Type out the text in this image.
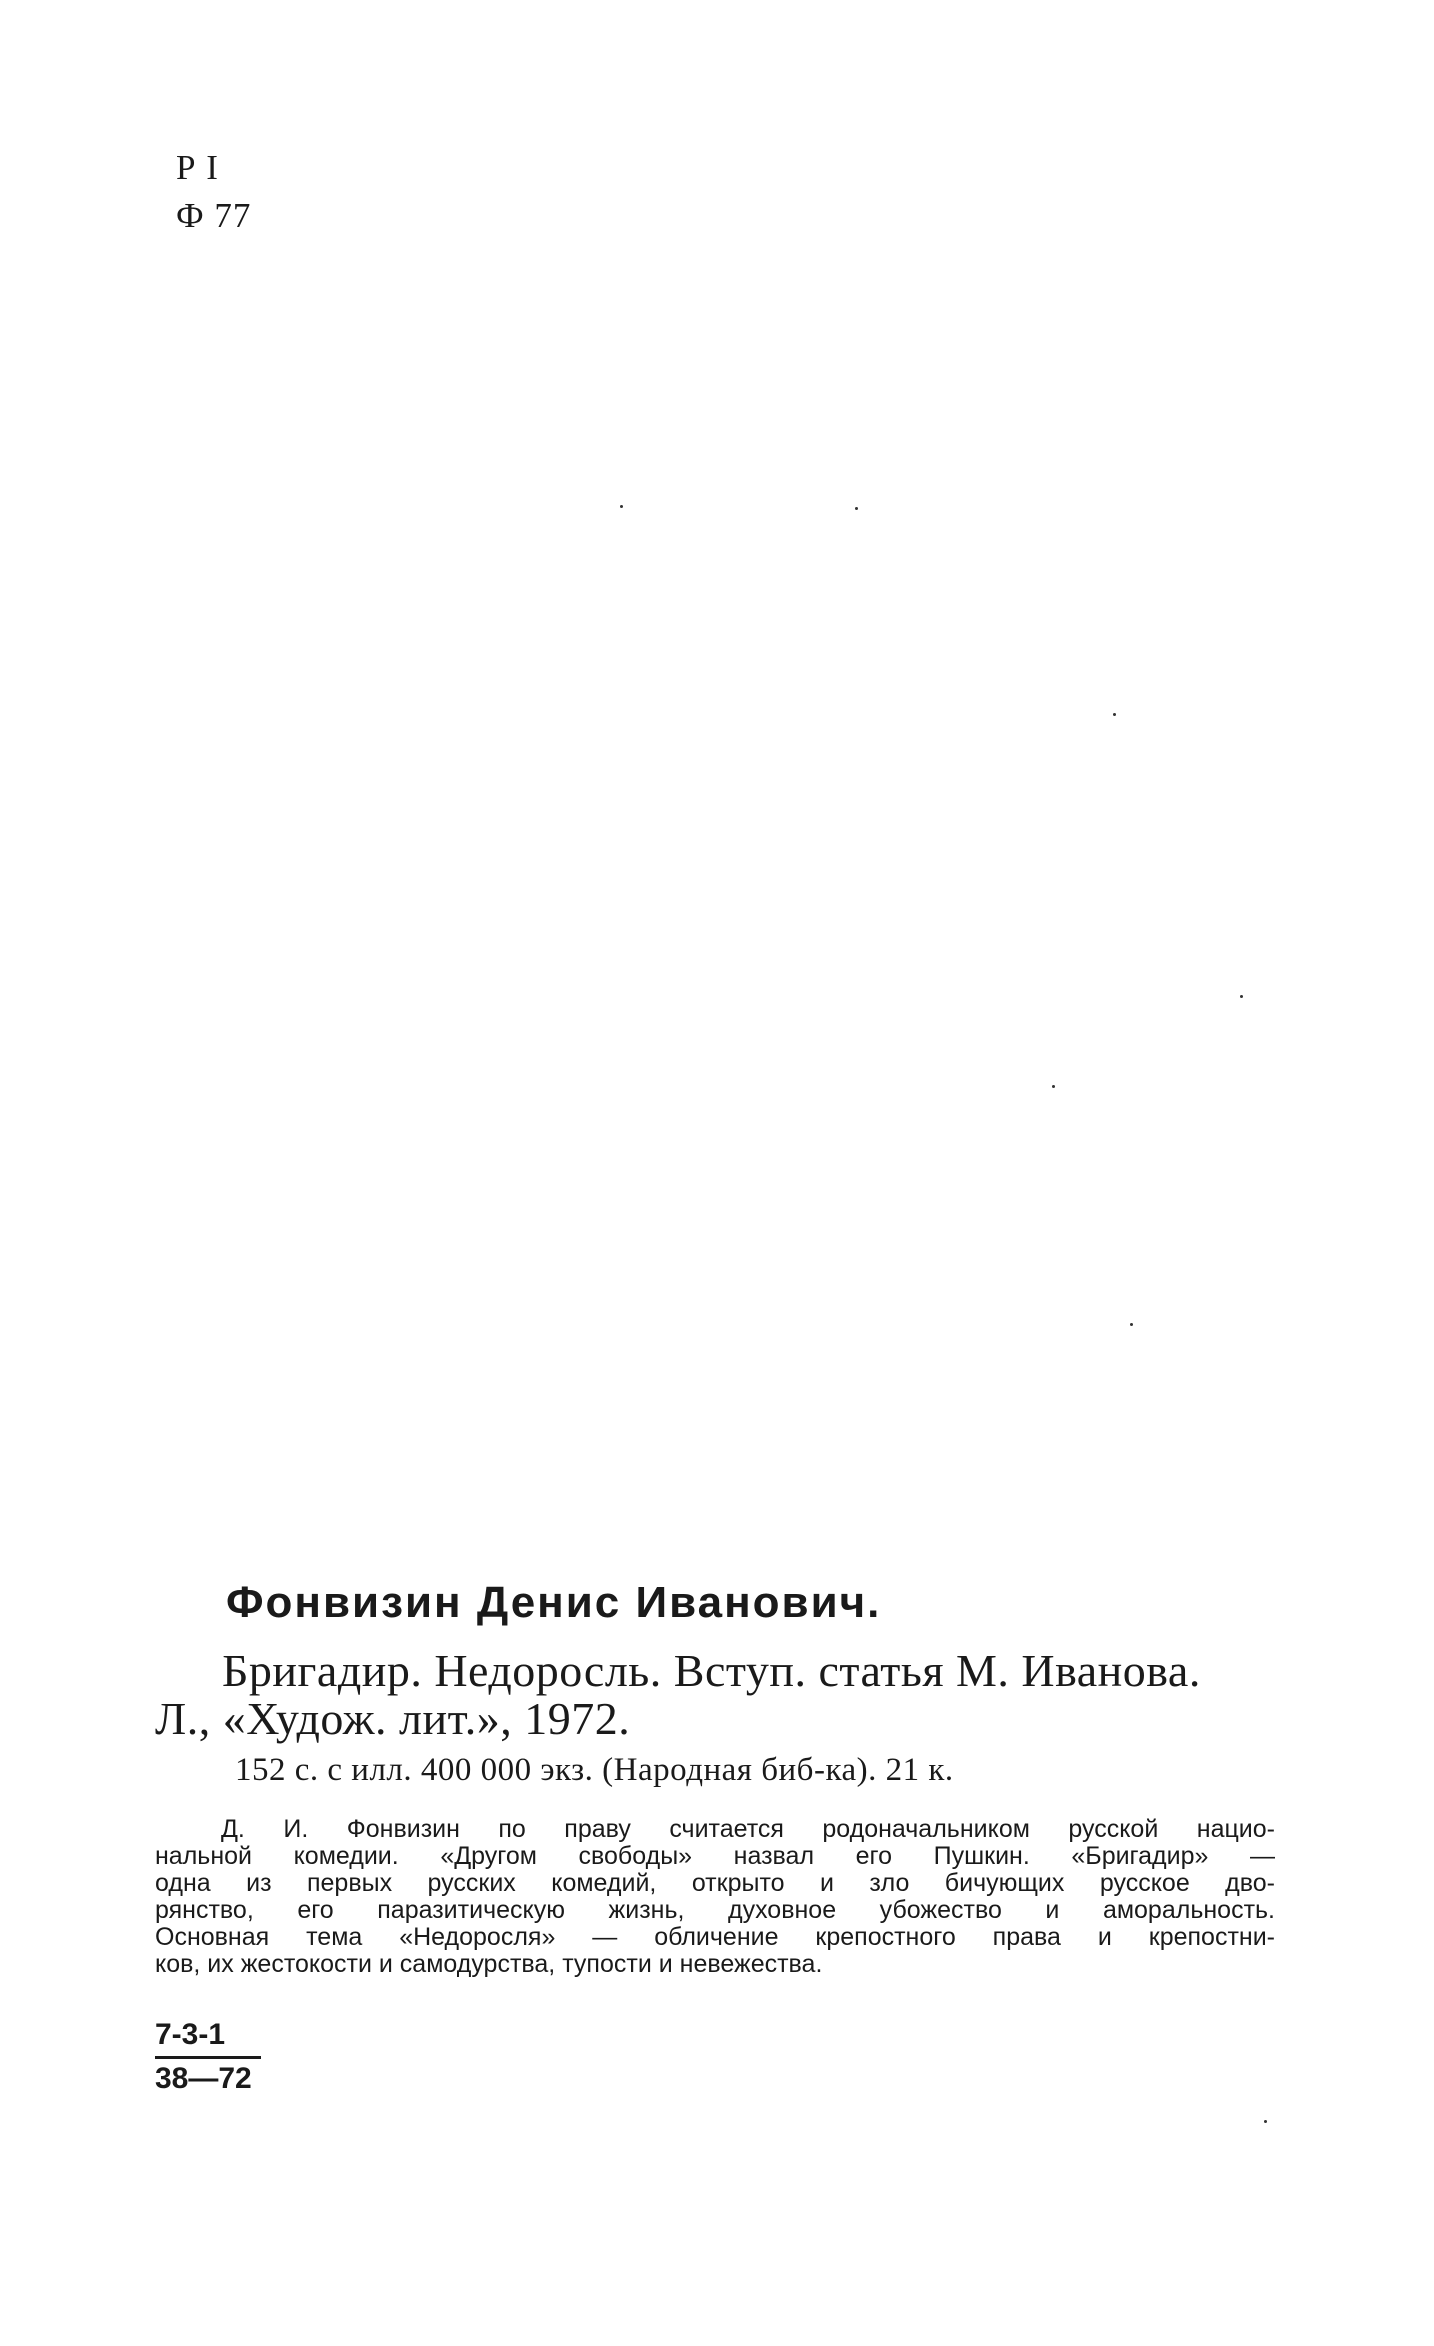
Р I
Ф 77
Фонвизин Денис Иванович.
Бригадир. Недоросль. Вступ. статья М. Иванова.
Л., «Худож. лит.», 1972.
152 с. с илл. 400 000 экз. (Народная биб-ка). 21 к.
Д. И. Фонвизин по праву считается родоначальником русской нацио-
нальной комедии. «Другом свободы» назвал его Пушкин. «Бригадир» —
одна из первых русских комедий, открыто и зло бичующих русское дво-
рянство, его паразитическую жизнь, духовное убожество и аморальность.
Основная тема «Недоросля» — обличение крепостного права и крепостни-
ков, их жестокости и самодурства, тупости и невежества.
7-3-1
38—72
